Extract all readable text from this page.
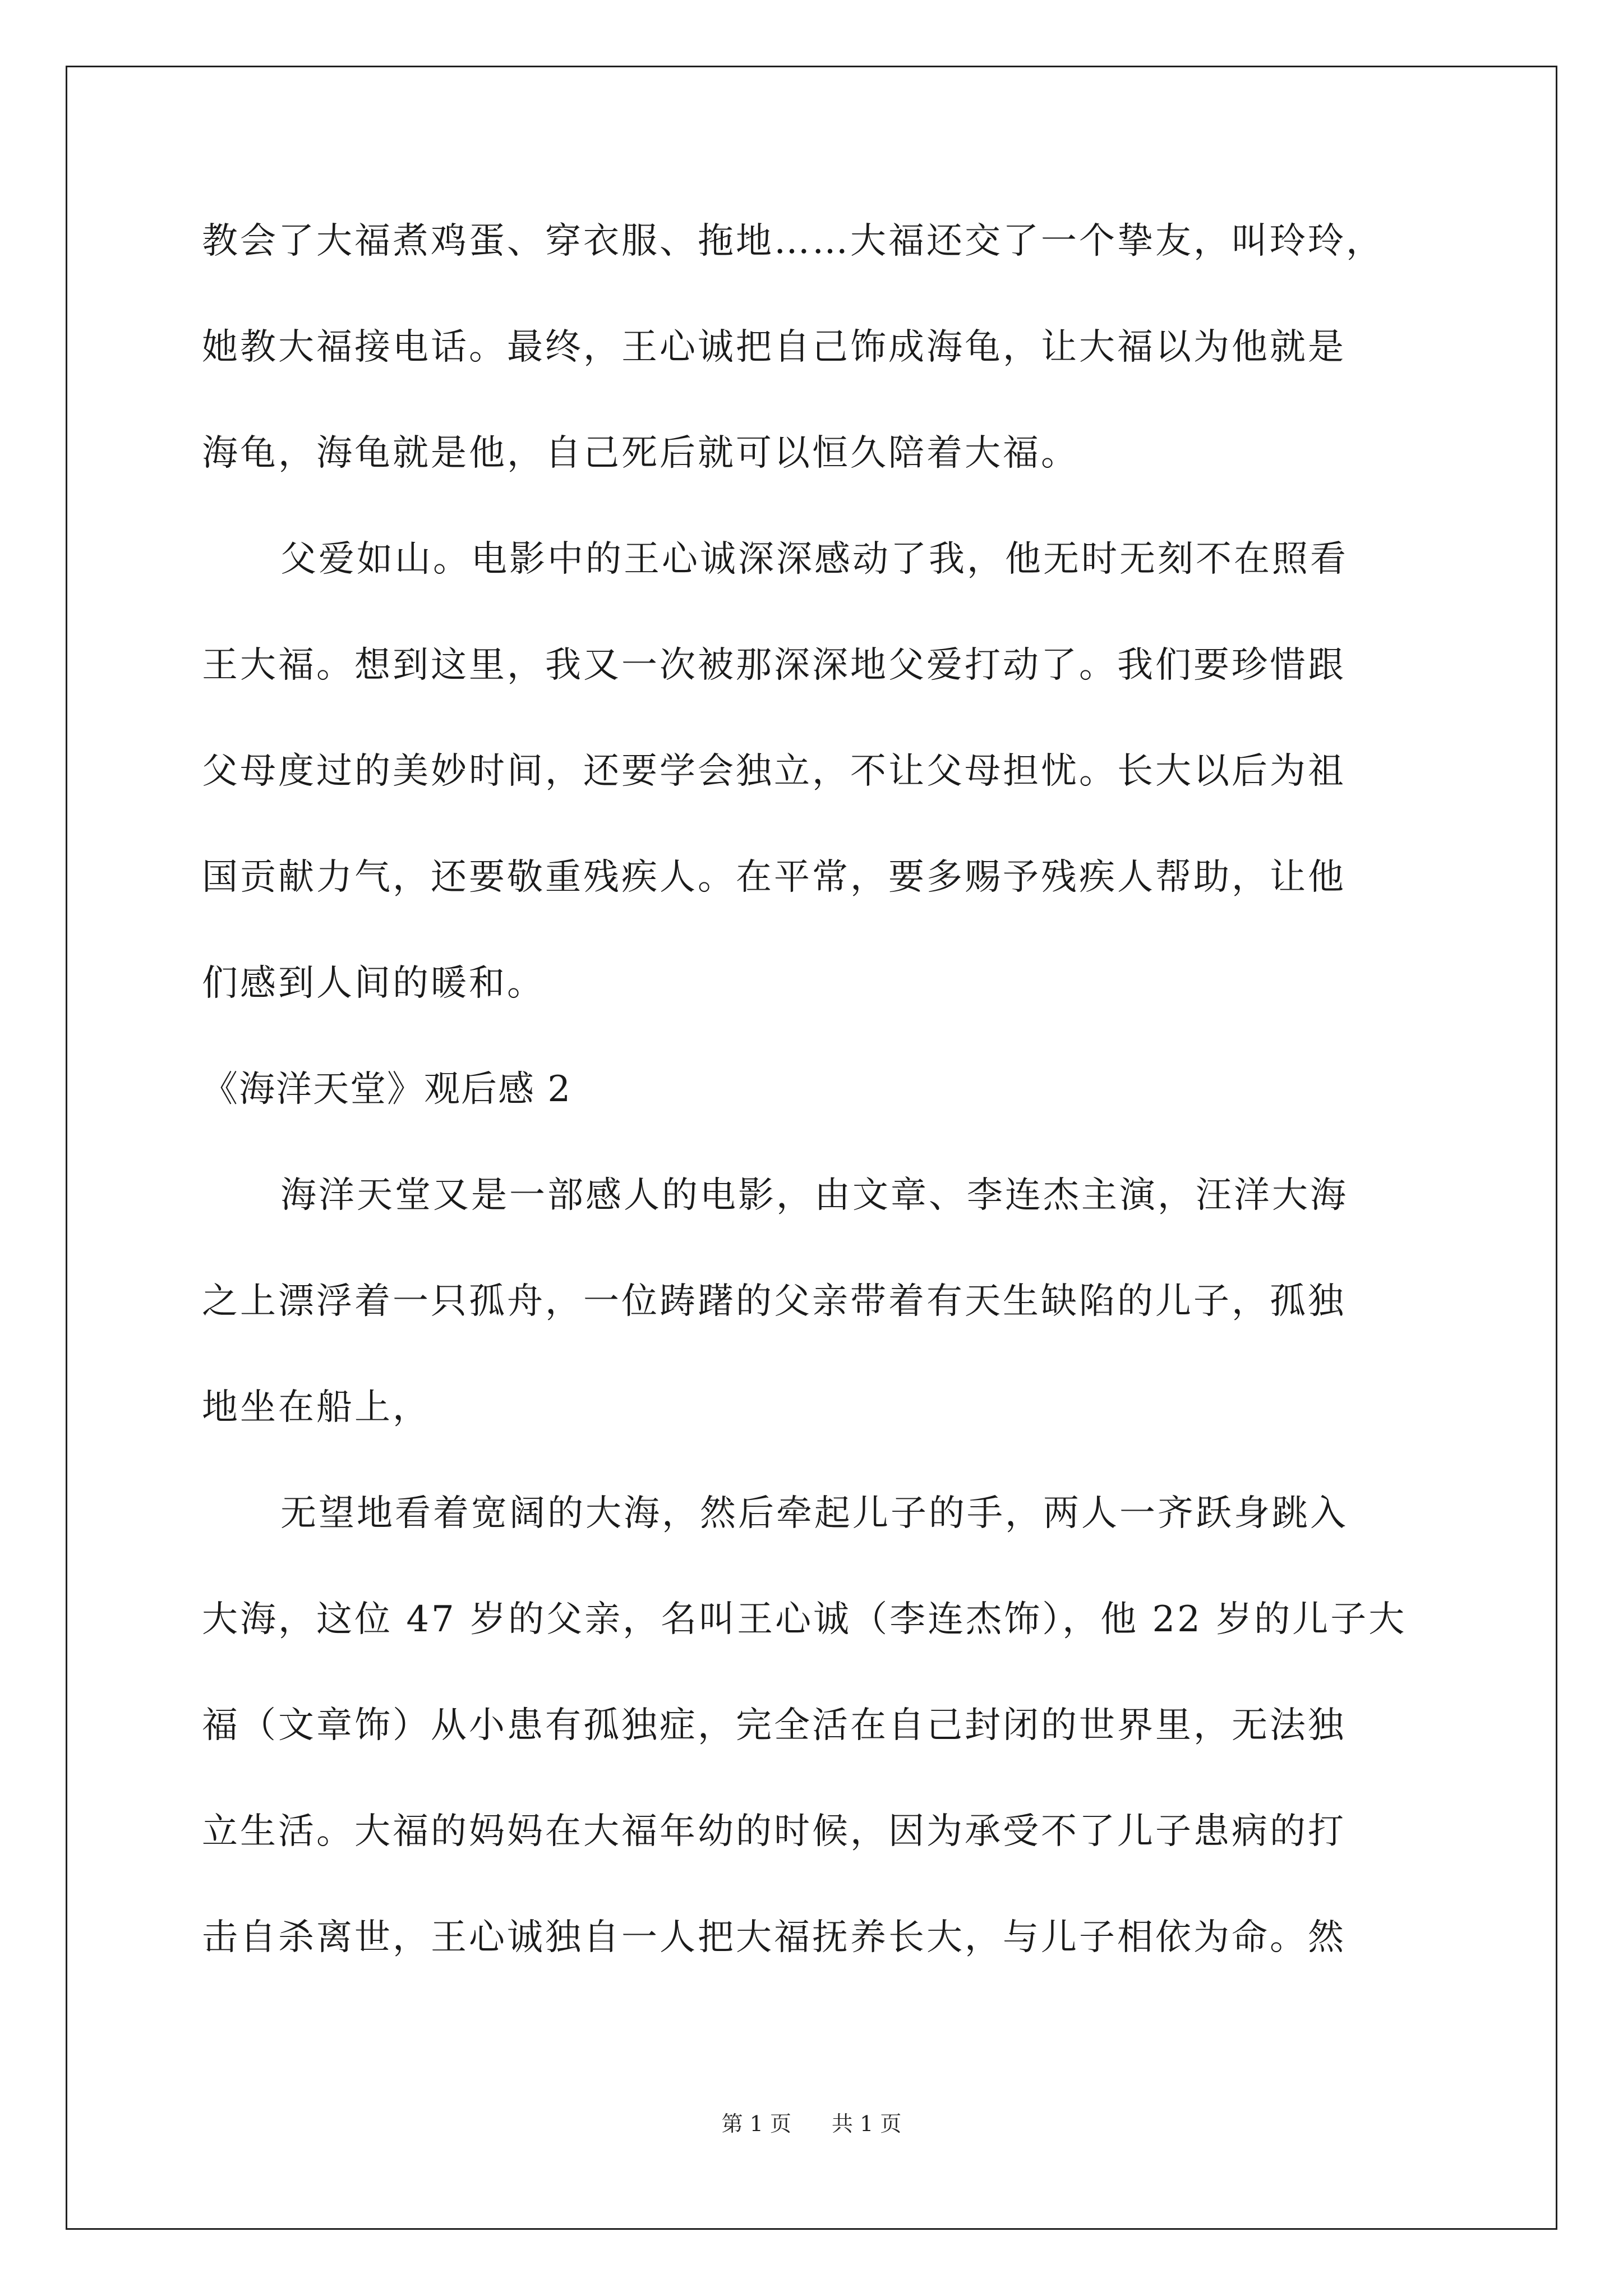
教会了大福煮鸡蛋、穿衣服、拖地……大福还交了一个挚友，叫玲玲，
她教大福接电话。最终，王心诚把自己饰成海龟，让大福以为他就是
海龟，海龟就是他，自己死后就可以恒久陪着大福。
父爱如山。电影中的王心诚深深感动了我，他无时无刻不在照看
王大福。想到这里，我又一次被那深深地父爱打动了。我们要珍惜跟
父母度过的美妙时间，还要学会独立，不让父母担忧。长大以后为祖
国贡献力气，还要敬重残疾人。在平常，要多赐予残疾人帮助，让他
们感到人间的暖和。
《海洋天堂》观后感 2
海洋天堂又是一部感人的电影，由文章、李连杰主演，汪洋大海
之上漂浮着一只孤舟，一位踌躇的父亲带着有天生缺陷的儿子，孤独
地坐在船上，
无望地看着宽阔的大海，然后牵起儿子的手，两人一齐跃身跳入
大海，这位 47 岁的父亲，名叫王心诚（李连杰饰），他 22 岁的儿子大
福（文章饰）从小患有孤独症，完全活在自己封闭的世界里，无法独
立生活。大福的妈妈在大福年幼的时候，因为承受不了儿子患病的打
击自杀离世，王心诚独自一人把大福抚养长大，与儿子相依为命。然
第 1 页 共 1 页
